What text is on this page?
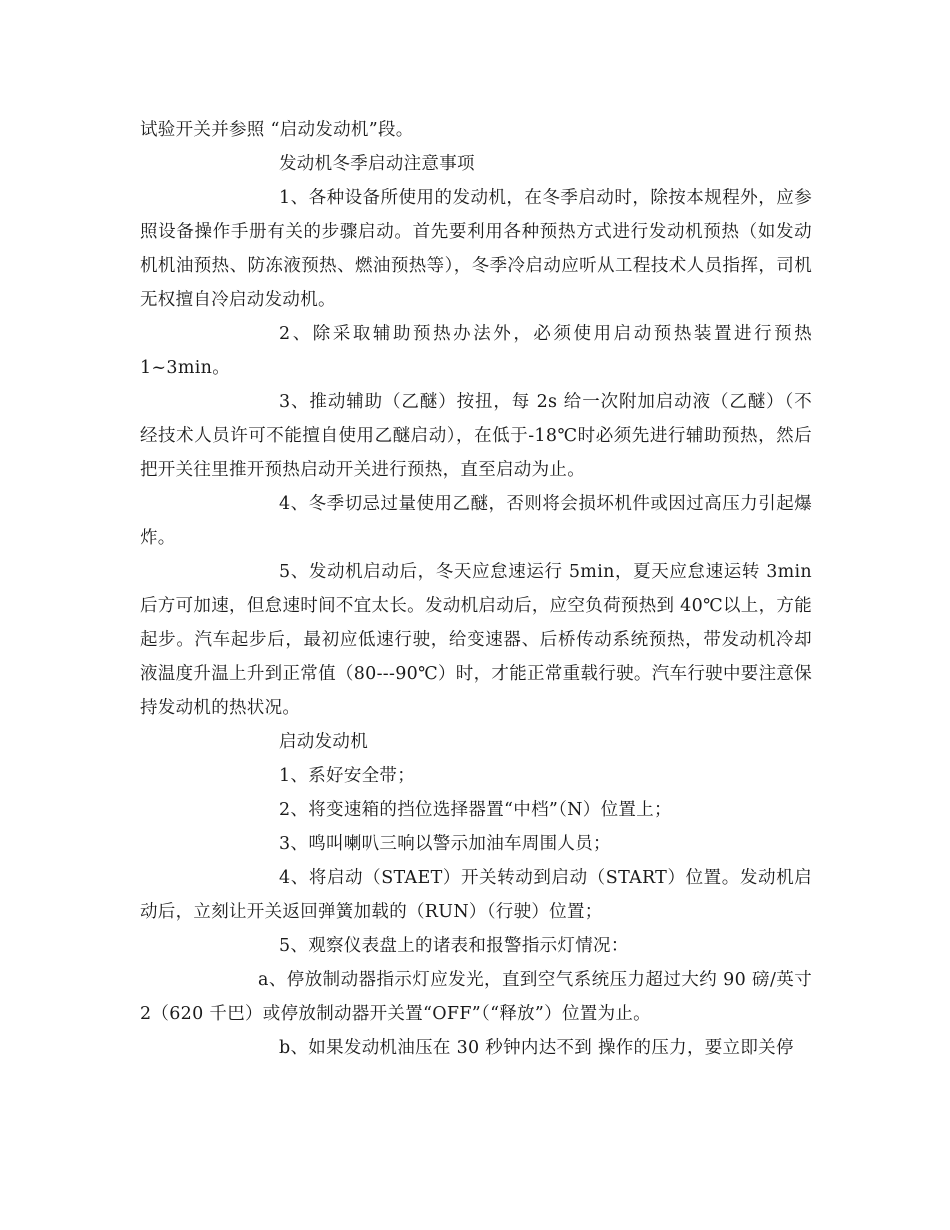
试验开关并参照 “启动发动机”段。

发动机冬季启动注意事项

1、各种设备所使用的发动机，在冬季启动时，除按本规程外，应参照设备操作手册有关的步骤启动。首先要利用各种预热方式进行发动机预热（如发动机机油预热、防冻液预热、燃油预热等），冬季冷启动应听从工程技术人员指挥，司机无权擅自冷启动发动机。

2、除采取辅助预热办法外，必须使用启动预热装置进行预热1~3min。

3、推动辅助（乙醚）按扭，每 2s 给一次附加启动液（乙醚）（不经技术人员许可不能擅自使用乙醚启动），在低于-18℃时必须先进行辅助预热，然后把开关往里推开预热启动开关进行预热，直至启动为止。

4、冬季切忌过量使用乙醚，否则将会损坏机件或因过高压力引起爆炸。

5、发动机启动后，冬天应怠速运行 5min，夏天应怠速运转 3min后方可加速，但怠速时间不宜太长。发动机启动后，应空负荷预热到 40℃以上，方能起步。汽车起步后，最初应低速行驶，给变速器、后桥传动系统预热，带发动机冷却液温度升温上升到正常值（80---90℃）时，才能正常重载行驶。汽车行驶中要注意保持发动机的热状况。

启动发动机

1、系好安全带；

2、将变速箱的挡位选择器置“中档”（N）位置上；

3、鸣叫喇叭三响以警示加油车周围人员；

4、将启动（STAET）开关转动到启动（START）位置。发动机启动后，立刻让开关返回弹簧加载的（RUN）（行驶）位置；

5、观察仪表盘上的诸表和报警指示灯情况：

a、停放制动器指示灯应发光，直到空气系统压力超过大约 90 磅/英寸 2（620 千巴）或停放制动器开关置“OFF”（“释放”）位置为止。

b、如果发动机油压在 30 秒钟内达不到 操作的压力，要立即关停
